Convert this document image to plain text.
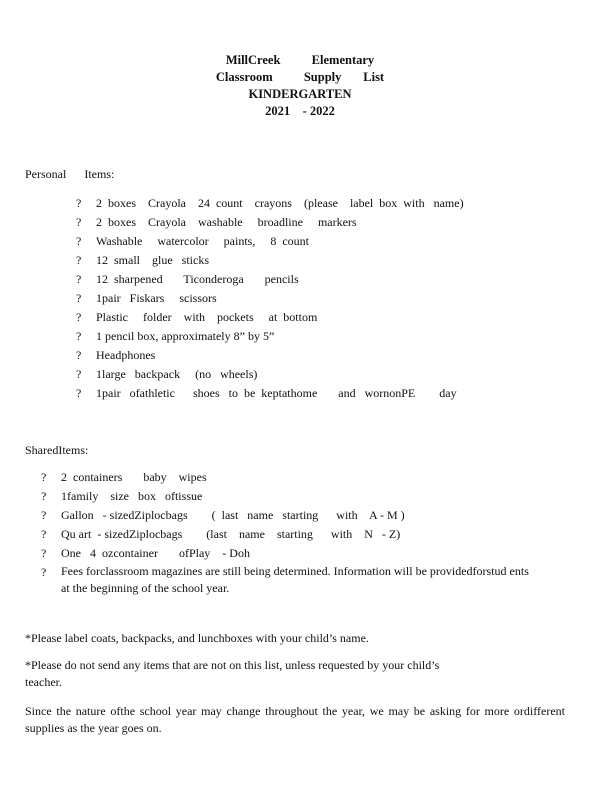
MillCreek          Elementary
Classroom          Supply       List
KINDERGARTEN
2021    - 2022
Personal      Items:
? 2  boxes    Crayola    24  count    crayons    (please    label  box  with   name)
? 2  boxes    Crayola    washable     broadline     markers
? Washable     watercolor     paints,     8  count
? 12  small    glue   sticks
? 12  sharpened       Ticonderoga       pencils
? 1pair   Fiskars     scissors
? Plastic     folder    with    pockets     at  bottom
? 1 pencil box, approximately 8” by 5”
? Headphones
? 1large   backpack     (no   wheels)
? 1pair   ofathletic      shoes   to  be  keptathome       and   wornonPE        day
SharedItems:
? 2  containers       baby    wipes
? 1family    size   box   oftissue
? Gallon   - sizedZiplocbags        (  last   name   starting      with    A - M )
? Qu art  - sizedZiplocbags        (last    name    starting      with    N   - Z)
? One   4  ozcontainer       ofPlay    - Doh
? Fees forclassroom magazines are still being determined. Information will be providedforstud ents at the beginning of the school year.
*Please label coats, backpacks, and lunchboxes with your child’s name.
*Please do not send any items that are not on this list, unless requested by your child’s teacher.
Since the nature ofthe school year may change throughout the year, we may be asking for more ordifferent supplies as the year goes on.
